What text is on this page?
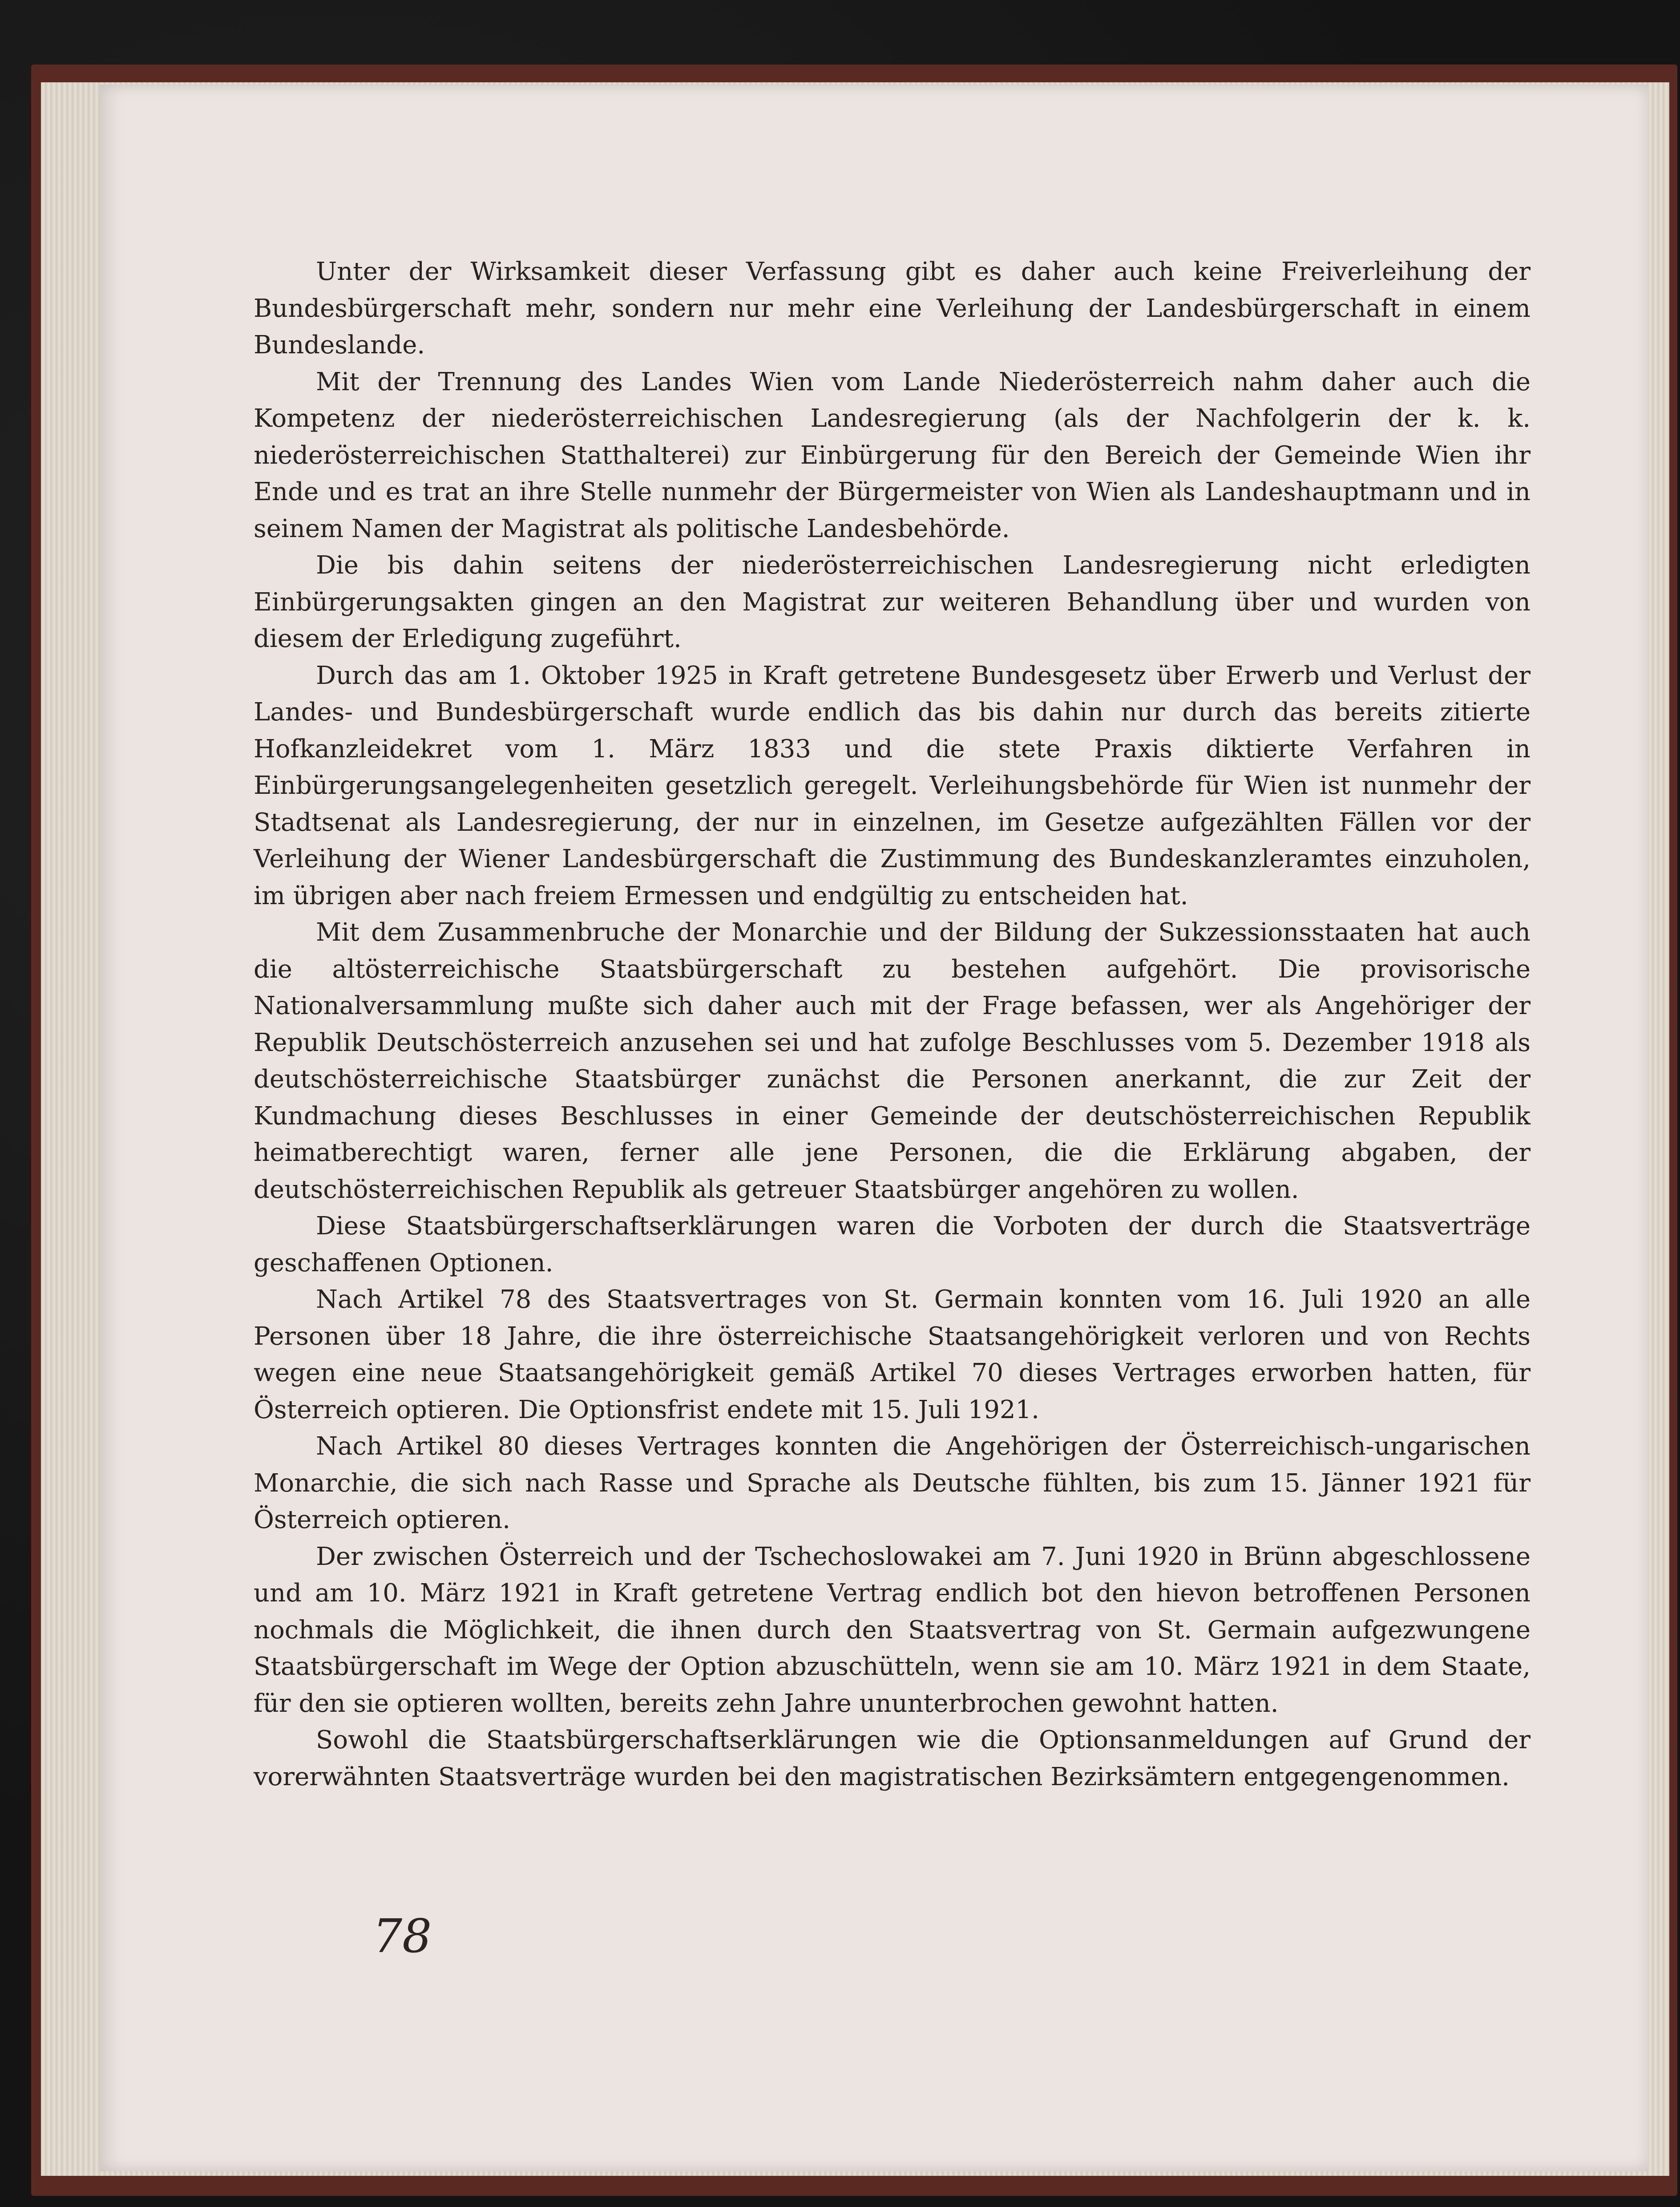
Unter der Wirksamkeit dieser Verfassung gibt es daher auch keine Freiverleihung der Bundesbürgerschaft mehr, sondern nur mehr eine Verleihung der Landesbürgerschaft in einem Bundeslande.

Mit der Trennung des Landes Wien vom Lande Niederösterreich nahm daher auch die Kompetenz der niederösterreichischen Landesregierung (als der Nachfolgerin der k. k. niederösterreichischen Statthalterei) zur Einbürgerung für den Bereich der Gemeinde Wien ihr Ende und es trat an ihre Stelle nunmehr der Bürgermeister von Wien als Landeshauptmann und in seinem Namen der Magistrat als politische Landesbehörde.

Die bis dahin seitens der niederösterreichischen Landesregierung nicht erledigten Einbürgerungsakten gingen an den Magistrat zur weiteren Behandlung über und wurden von diesem der Erledigung zugeführt.

Durch das am 1. Oktober 1925 in Kraft getretene Bundesgesetz über Erwerb und Verlust der Landes- und Bundesbürgerschaft wurde endlich das bis dahin nur durch das bereits zitierte Hofkanzleidekret vom 1. März 1833 und die stete Praxis diktierte Verfahren in Einbürgerungsangelegenheiten gesetzlich geregelt. Verleihungsbehörde für Wien ist nunmehr der Stadtsenat als Landesregierung, der nur in einzelnen, im Gesetze aufgezählten Fällen vor der Verleihung der Wiener Landesbürgerschaft die Zustimmung des Bundeskanzleramtes einzuholen, im übrigen aber nach freiem Ermessen und endgültig zu entscheiden hat.

Mit dem Zusammenbruche der Monarchie und der Bildung der Sukzessionsstaaten hat auch die altösterreichische Staatsbürgerschaft zu bestehen aufgehört. Die provisorische Nationalversammlung mußte sich daher auch mit der Frage befassen, wer als Angehöriger der Republik Deutschösterreich anzusehen sei und hat zufolge Beschlusses vom 5. Dezember 1918 als deutschösterreichische Staatsbürger zunächst die Personen anerkannt, die zur Zeit der Kundmachung dieses Beschlusses in einer Gemeinde der deutschösterreichischen Republik heimatberechtigt waren, ferner alle jene Personen, die die Erklärung abgaben, der deutschösterreichischen Republik als getreuer Staatsbürger angehören zu wollen.

Diese Staatsbürgerschaftserklärungen waren die Vorboten der durch die Staatsverträge geschaffenen Optionen.

Nach Artikel 78 des Staatsvertrages von St. Germain konnten vom 16. Juli 1920 an alle Personen über 18 Jahre, die ihre österreichische Staatsangehörigkeit verloren und von Rechts wegen eine neue Staatsangehörigkeit gemäß Artikel 70 dieses Vertrages erworben hatten, für Österreich optieren. Die Optionsfrist endete mit 15. Juli 1921.

Nach Artikel 80 dieses Vertrages konnten die Angehörigen der Österreichisch-ungarischen Monarchie, die sich nach Rasse und Sprache als Deutsche fühlten, bis zum 15. Jänner 1921 für Österreich optieren.

Der zwischen Österreich und der Tschechoslowakei am 7. Juni 1920 in Brünn abgeschlossene und am 10. März 1921 in Kraft getretene Vertrag endlich bot den hievon betroffenen Personen nochmals die Möglichkeit, die ihnen durch den Staatsvertrag von St. Germain aufgezwungene Staatsbürgerschaft im Wege der Option abzuschütteln, wenn sie am 10. März 1921 in dem Staate, für den sie optieren wollten, bereits zehn Jahre ununterbrochen gewohnt hatten.

Sowohl die Staatsbürgerschaftserklärungen wie die Optionsanmeldungen auf Grund der vorerwähnten Staatsverträge wurden bei den magistratischen Bezirksämtern entgegengenommen.

78
